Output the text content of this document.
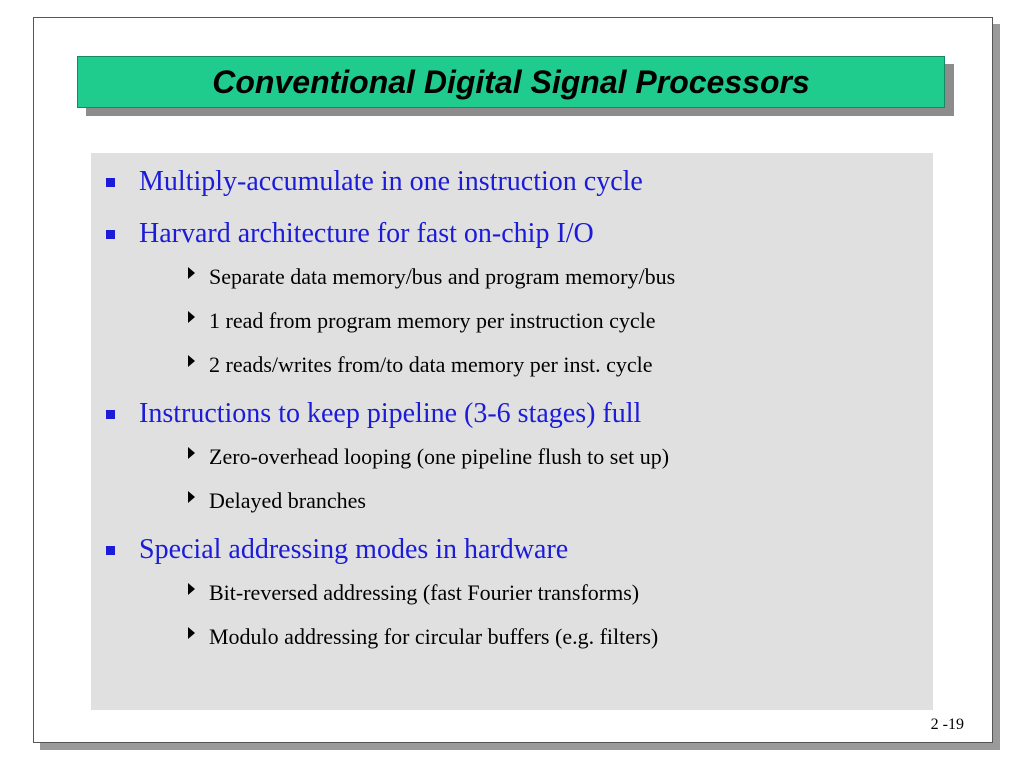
2 -19
Conventional Digital Signal Processors
Multiply-accumulate in one instruction cycle
Harvard architecture for fast on-chip I/O
Separate data memory/bus and program memory/bus
1 read from program memory per instruction cycle
2 reads/writes from/to data memory per inst. cycle
Instructions to keep pipeline (3-6 stages) full
Zero-overhead looping (one pipeline flush to set up)
Delayed branches
Special addressing modes in hardware
Bit-reversed addressing (fast Fourier transforms)
Modulo addressing for circular buffers (e.g. filters)
